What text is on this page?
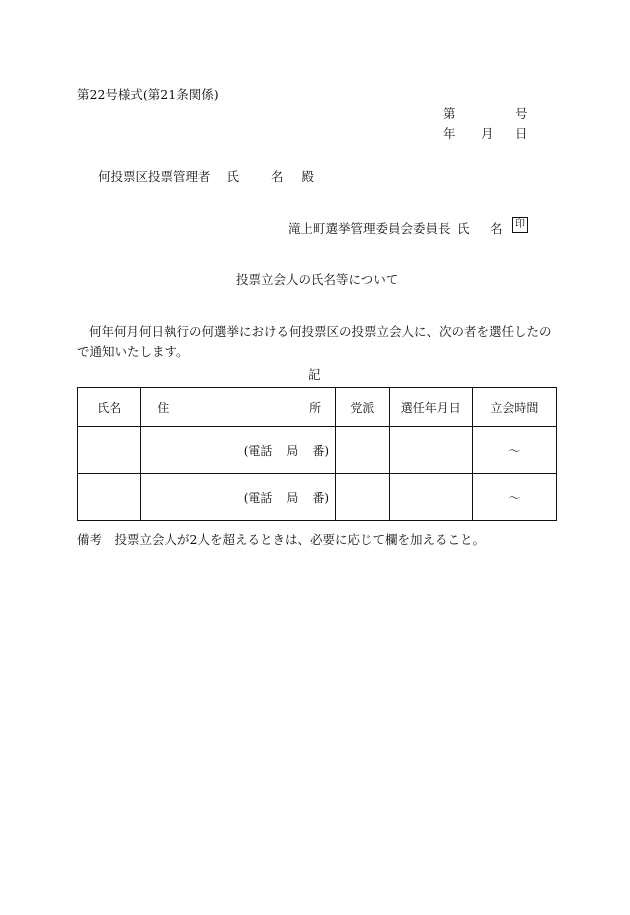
第22号様式(第21条関係)
第	号
年 月 日
何投票区投票管理者 氏	名 殿
滝上町選挙管理委員会委員長 氏 名	印
投票立会人の氏名等について
何年何月何日執行の何選挙における何投票区の投票立会人に、次の者を選任したので通知いたします。
記
氏名	住 所	党派	選任年月日	立会時間

	(電話 局 番)			～

	(電話 局 番)			～
備考　投票立会人が2人を超えるときは、必要に応じて欄を加えること。
